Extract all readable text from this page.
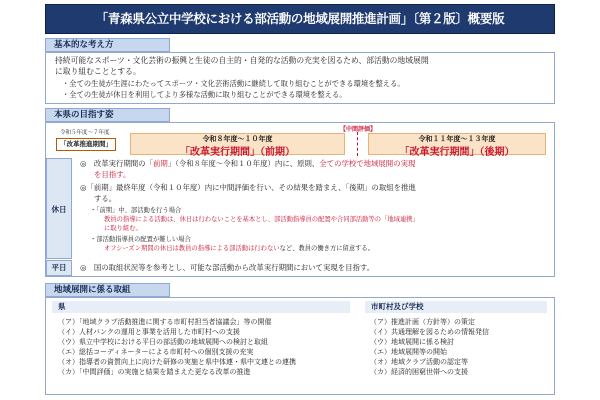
「青森県公立中学校における部活動の地域展開推進計画」〔第２版〕概要版
基本的な考え方
持続可能なスポーツ・文化芸術の振興と生徒の自主的・自発的な活動の充実を図るため、部活動の地域展開
に取り組むこととする。
・全ての生徒が生涯にわたってスポーツ・文化芸術活動に継続して取り組むことができる環境を整える。
・全ての生徒が休日を利用してより多様な活動に取り組むことができる環境を整える。
本県の目指す姿
令和５年度～７年度
「改革推進期間」
【中間評価】
令和８年度～１０年度
「改革実行期間」（前期）
令和１１年度～１３年度
「改革実行期間」（後期）
休日
平日
◎　改革実行期間の「前期」（令和８年度～令和１０年度）内に、原則、全ての学校で地域展開の実現
を目指す。
◎「前期」最終年度（令和１０年度）内に中間評価を行い、その結果を踏まえ、「後期」の取組を推進
する。
・「前期」中、部活動を行う場合
教員の指導による活動は、休日は行わないことを基本とし、部活動指導員の配置や合同部活動等の「地域連携」
に取り組む。
・部活動指導員の配置が難しい場合
オフシーズン期間の休日は教員の指導による部活動は行わないなど、教員の働き方に留意する。
◎　国の取組状況等を参考とし、可能な部活動から改革実行期間において実現を目指す。
地域展開に係る取組
県
（ア）「地域クラブ活動推進に関する市町村担当者協議会」等の開催
（イ）人材バンクの運用と事業を活用した市町村への支援
（ウ）県立中学校における平日の部活動の地域展開への検討と取組
（エ）総括コーディネーターによる市町村への個別支援の充実
（オ）指導者の資質向上に向けた研修の実施と県中体連・県中文連との連携
（カ）「中間評価」の実施と結果を踏まえた更なる改革の推進
市町村及び学校
（ア）推進計画（方針等）の策定
（イ）共通理解を図るための情報発信
（ウ）地域展開に係る検討
（エ）地域展開等の開始
（オ）地域クラブ活動の認定等
（カ）経済的困窮世帯への支援
